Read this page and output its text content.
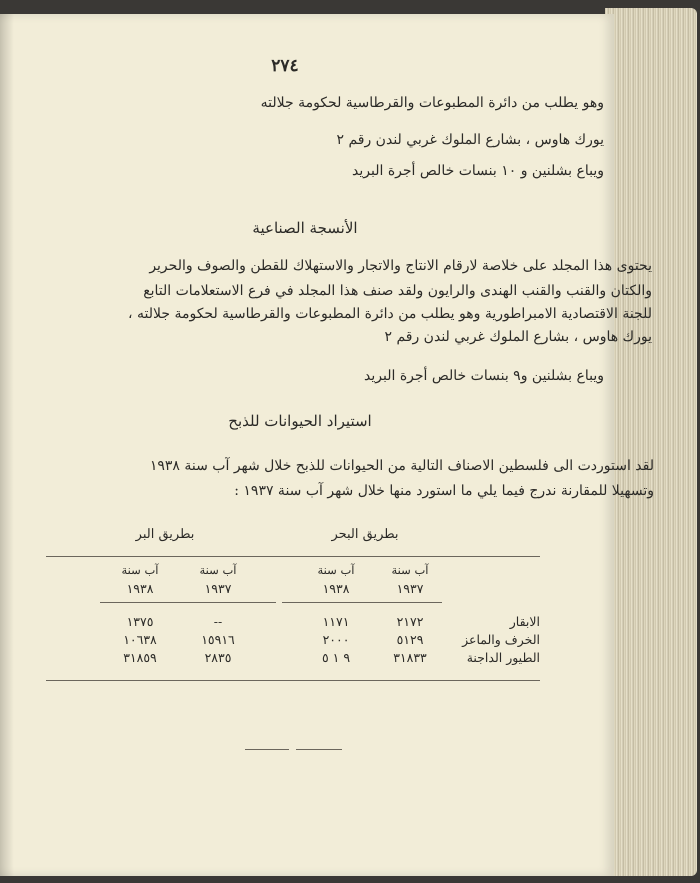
٢٧٤
وهو يطلب من دائرة المطبوعات والقرطاسية لحكومة جلالته
يورك هاوس ، بشارع الملوك غربي لندن رقم ٢
ويباع بشلنين و ١٠ بنسات خالص أجرة البريد
الأنسجة الصناعية
يحتوى هذا المجلد على خلاصة لارقام الانتاج والاتجار والاستهلاك للقطن والصوف والحرير
والكتان والقنب والقنب الهندى والرايون ولقد صنف هذا المجلد في فرع الاستعلامات التابع
للجنة الاقتصادية الامبراطورية وهو يطلب من دائرة المطبوعات والقرطاسية لحكومة جلالته ،
يورك هاوس ، بشارع الملوك غربي لندن رقم ٢
ويباع بشلنين و٩ بنسات خالص أجرة البريد
استيراد الحيوانات للذبح
لقد استوردت الى فلسطين الاصناف التالية من الحيوانات للذبح خلال شهر آب سنة ١٩٣٨
وتسهيلا للمقارنة ندرج فيما يلي ما استورد منها خلال شهر آب سنة ١٩٣٧ :
بطريق البحر
بطريق البر
آب سنة
آب سنة
آب سنة
آب سنة
١٩٣٧
١٩٣٨
١٩٣٧
١٩٣٨
الابقار
٢١٧٢
١١٧١
--
١٣٧٥
الخرف والماعز
٥١٢٩
٢٠٠٠
١٥٩١٦
١٠٦٣٨
الطيور الداجنة
٣١٨٣٣
٩ ١ ٥
٢٨٣٥
٣١٨٥٩
